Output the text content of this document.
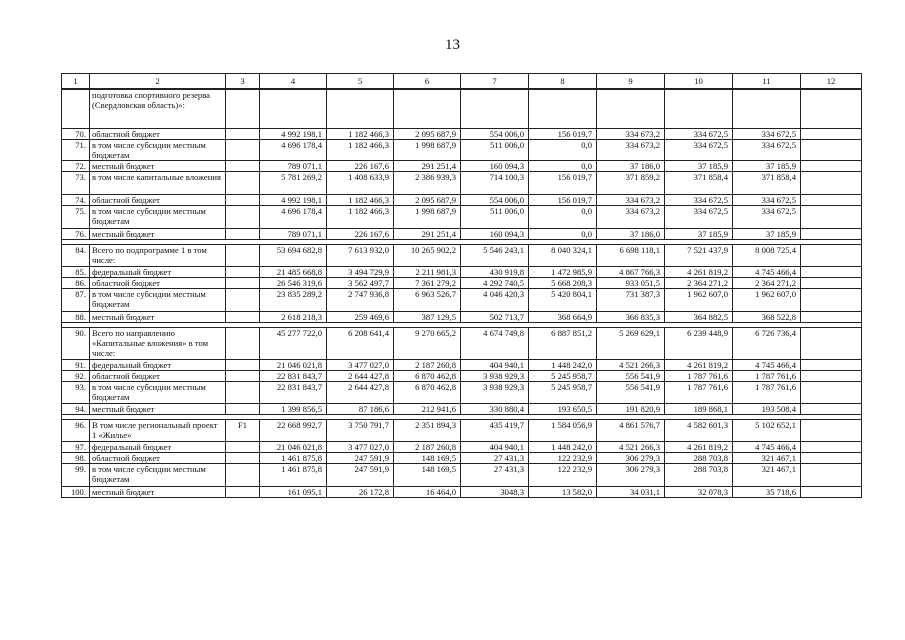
13
1	2	3	4	5	6	7	8	9	10	11	12
	подготовка спортивного резерва (Свердловская область)»:										
70.	областной бюджет		4 992 198,1	1 182 466,3	2 095 687,9	554 006,0	156 019,7	334 673,2	334 672,5	334 672,5	
71.	в том числе субсидии местным бюджетам		4 696 178,4	1 182 466,3	1 998 687,9	511 006,0	0,0	334 673,2	334 672,5	334 672,5	
72.	местный бюджет		789 071,1	226 167,6	291 251,4	160 094,3	0,0	37 186,0	37 185,9	37 185,9	
73.	в том числе капитальные вложения		5 781 269,2	1 408 633,9	2 386 939,3	714 100,3	156 019,7	371 859,2	371 858,4	371 858,4	
74.	областной бюджет		4 992 198,1	1 182 466,3	2 095 687,9	554 006,0	156 019,7	334 673,2	334 672,5	334 672,5	
75.	в том числе субсидии местным бюджетам		4 696 178,4	1 182 466,3	1 998 687,9	511 006,0	0,0	334 673,2	334 672,5	334 672,5	
76.	местный бюджет		789 071,1	226 167,6	291 251,4	160 094,3	0,0	37 186,0	37 185,9	37 185,9	
84.	Всего по подпрограмме 1 в том числе:		53 694 682,8	7 613 932,0	10 265 902,2	5 546 243,1	8 040 324,1	6 698 118,1	7 521 437,9	8 008 725,4	
85.	федеральный бюджет		21 485 668,8	3 494 729,9	2 211 981,3	430 919,8	1 472 985,9	4 867 766,3	4 261 819,2	4 745 466,4	
86.	областной бюджет		26 546 319,6	3 562 497,7	7 361 279,2	4 292 740,5	5 668 208,3	933 051,5	2 364 271,2	2 364 271,2	
87.	в том числе субсидии местным бюджетам		23 835 289,2	2 747 936,8	6 963 526,7	4 046 420,3	5 420 804,1	731 387,3	1 962 607,0	1 962 607,0	
88.	местный бюджет		2 618 218,3	259 469,6	387 129,5	502 713,7	368 664,9	366 835,3	364 882,5	368 522,8	
90.	Всего по направлению «Капитальные вложения» в том числе:		45 277 722,0	6 208 641,4	9 270 665,2	4 674 749,8	6 887 851,2	5 269 629,1	6 239 448,9	6 726 736,4	
91.	федеральный бюджет		21 046 021,8	3 477 027,0	2 187 260,8	404 940,1	1 448 242,0	4 521 266,3	4 261 819,2	4 745 466,4	
92.	областной бюджет		22 831 843,7	2 644 427,8	6 870 462,8	3 938 929,3	5 245 958,7	556 541,9	1 787 761,6	1 787 761,6	
93.	в том числе субсидии местным бюджетам		22 831 843,7	2 644 427,8	6 870 462,8	3 938 929,3	5 245 958,7	556 541,9	1 787 761,6	1 787 761,6	
94.	местный бюджет		1 399 856,5	87 186,6	212 941,6	330 880,4	193 650,5	191 820,9	189 868,1	193 508,4	
96.	В том числе региональный проект 1 «Жилье»	F1	22 668 992,7	3 750 791,7	2 351 894,3	435 419,7	1 584 056,9	4 861 576,7	4 582 601,3	5 102 652,1	
97.	федеральный бюджет		21 046 021,8	3 477 027,0	2 187 260,8	404 940,1	1 448 242,0	4 521 266,3	4 261 819,2	4 745 466,4	
98.	областной бюджет		1 461 875,8	247 591,9	148 169,5	27 431,3	122 232,9	306 279,3	288 703,8	321 467,1	
99.	в том числе субсидии местным бюджетам		1 461 875,8	247 591,9	148 169,5	27 431,3	122 232,9	306 279,3	288 703,8	321 467,1	
100.	местный бюджет		161 095,1	26 172,8	16 464,0	3048,3	13 582,0	34 031,1	32 078,3	35 718,6	
